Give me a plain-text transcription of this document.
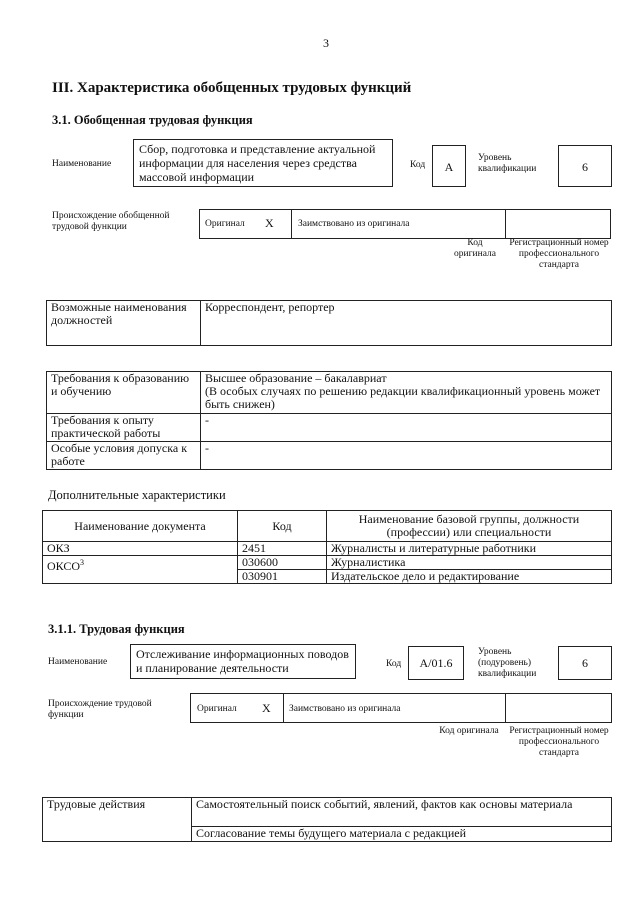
3
III. Характеристика обобщенных трудовых функций
3.1. Обобщенная трудовая функция
Наименование
Сбор, подготовка и представление актуальной информации для населения через средства массовой информации
Код	А
Уровень квалификации	6
Происхождение обобщенной трудовой функции	Оригинал Х	Заимствовано из оригинала
Код оригинала
Регистрационный номер профессионального стандарта
Возможные наименования должностей	Корреспондент, репортер
Требования к образованию и обучению	Высшее образование – бакалавриат
(В особых случаях по решению редакции квалификационный уровень может быть снижен)
Требования к опыту практической работы	-
Особые условия допуска к работе	-
Дополнительные характеристики
Наименование документа	Код	Наименование базовой группы, должности (профессии) или специальности
ОКЗ	2451	Журналисты и литературные работники
ОКСО$^3$	030600	Журналистика
	030901	Издательское дело и редактирование
3.1.1. Трудовая функция
Наименование
Отслеживание информационных поводов и планирование деятельности	Код	А/01.6
Уровень (подуровень) квалификации
6
Происхождение трудовой функции
Оригинал Х Заимствовано из оригинала
Код оригинала	Регистрационный номер профессионального стандарта
Трудовые действия	Самостоятельный поиск событий, явлений, фактов как основы материала
Согласование темы будущего материала с редакцией
